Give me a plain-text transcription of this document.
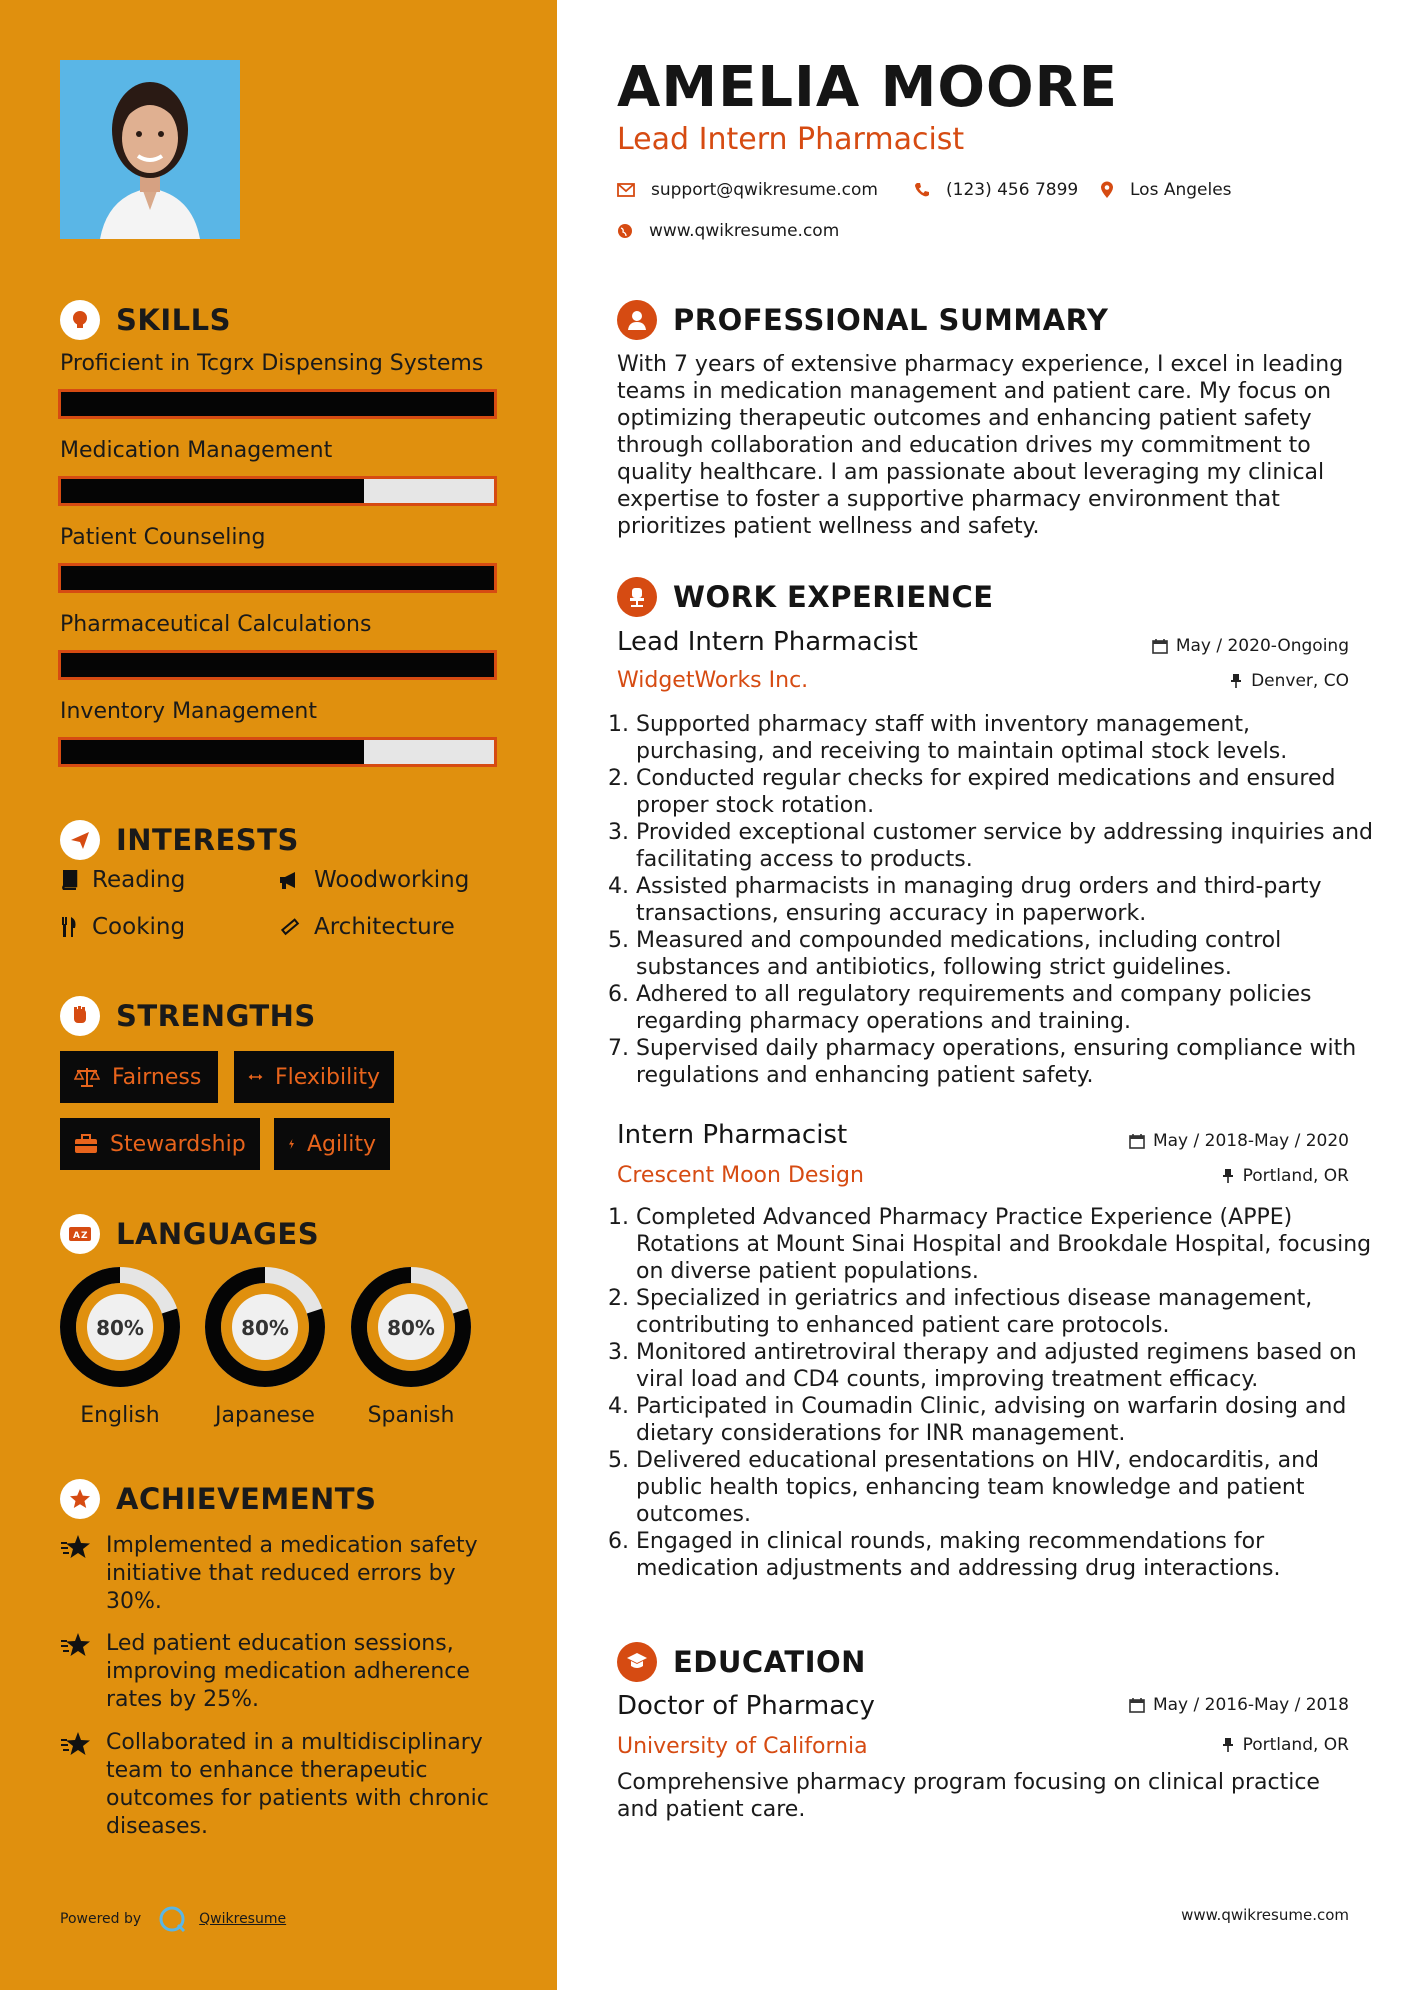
SKILLS
Proficient in Tcgrx Dispensing Systems
Medication Management
Patient Counseling
Pharmaceutical Calculations
Inventory Management
INTERESTS
Reading	Woodworking
Cooking	Architecture
STRENGTHS
Fairness	Flexibility
Stewardship	Agility
A Z LANGUAGES
80%
English
80%
Japanese
80%
Spanish
ACHIEVEMENTS
Implemented a medication safety initiative that reduced errors by 30%.
Led patient education sessions, improving medication adherence rates by 25%.
Collaborated in a multidisciplinary team to enhance therapeutic outcomes for patients with chronic diseases.
Powered by	Qwikresume
AMELIA MOORE
Lead Intern Pharmacist
support@qwikresume.com	(123) 456 7899	Los Angeles
www.qwikresume.com
PROFESSIONAL SUMMARY
With 7 years of extensive pharmacy experience, I excel in leading teams in medication management and patient care. My focus on optimizing therapeutic outcomes and enhancing patient safety through collaboration and education drives my commitment to quality healthcare. I am passionate about leveraging my clinical expertise to foster a supportive pharmacy environment that prioritizes patient wellness and safety.
WORK EXPERIENCE
Lead Intern Pharmacist	May / 2020-Ongoing
WidgetWorks Inc.	Denver, CO
1. Supported pharmacy staff with inventory management, purchasing, and receiving to maintain optimal stock levels.
2. Conducted regular checks for expired medications and ensured proper stock rotation.
3. Provided exceptional customer service by addressing inquiries and facilitating access to products.
4. Assisted pharmacists in managing drug orders and third-party transactions, ensuring accuracy in paperwork.
5. Measured and compounded medications, including control substances and antibiotics, following strict guidelines.
6. Adhered to all regulatory requirements and company policies regarding pharmacy operations and training.
7. Supervised daily pharmacy operations, ensuring compliance with regulations and enhancing patient safety.
Intern Pharmacist	May / 2018-May / 2020
Crescent Moon Design	Portland, OR
1. Completed Advanced Pharmacy Practice Experience (APPE) Rotations at Mount Sinai Hospital and Brookdale Hospital, focusing on diverse patient populations.
2. Specialized in geriatrics and infectious disease management, contributing to enhanced patient care protocols.
3. Monitored antiretroviral therapy and adjusted regimens based on viral load and CD4 counts, improving treatment efficacy.
4. Participated in Coumadin Clinic, advising on warfarin dosing and dietary considerations for INR management.
5. Delivered educational presentations on HIV, endocarditis, and public health topics, enhancing team knowledge and patient outcomes.
6. Engaged in clinical rounds, making recommendations for medication adjustments and addressing drug interactions.
EDUCATION
Doctor of Pharmacy	May / 2016-May / 2018
University of California	Portland, OR
Comprehensive pharmacy program focusing on clinical practice and patient care.
www.qwikresume.com
